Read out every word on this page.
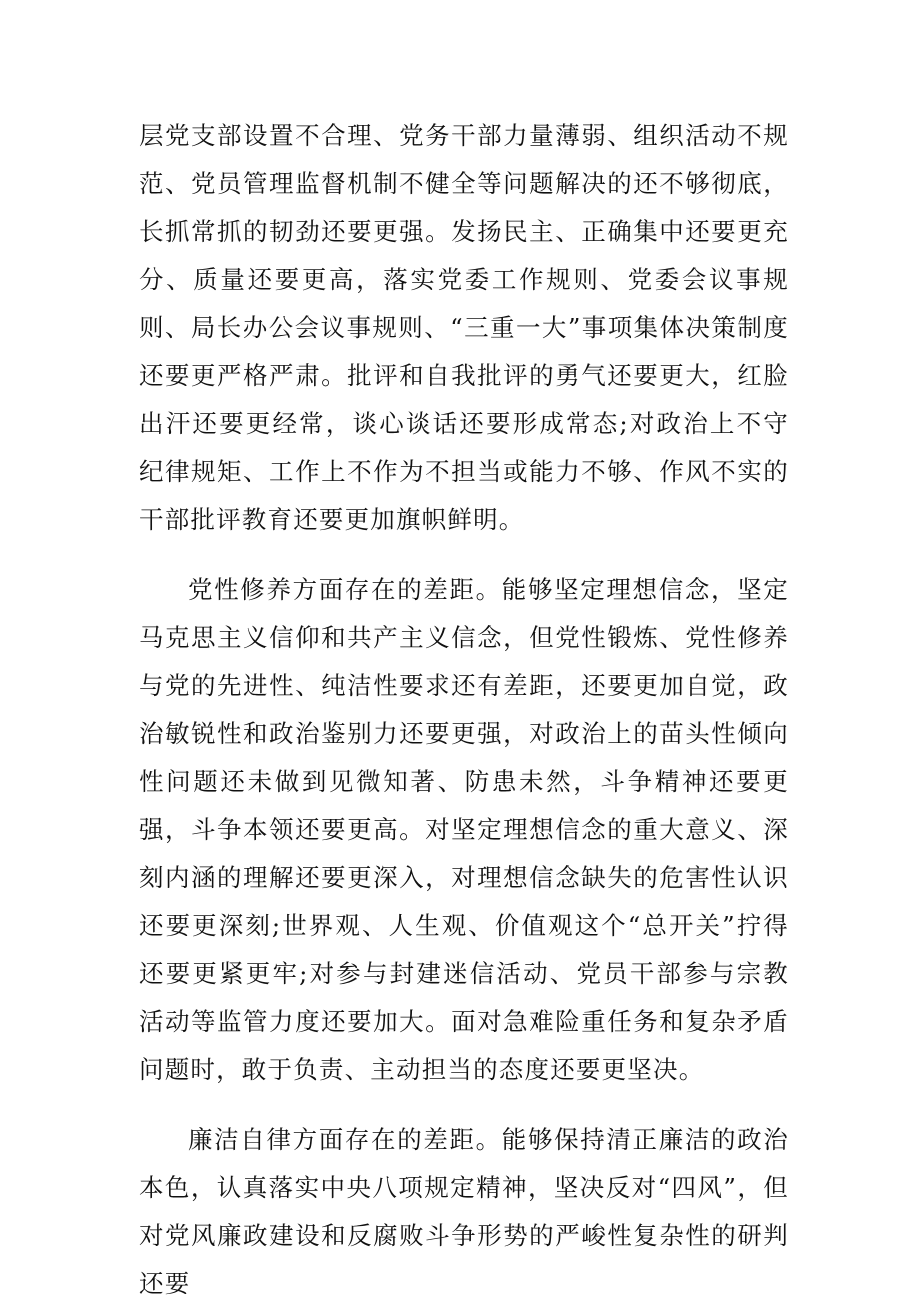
层党支部设置不合理、党务干部力量薄弱、组织活动不规范、党员管理监督机制不健全等问题解决的还不够彻底，长抓常抓的韧劲还要更强。发扬民主、正确集中还要更充分、质量还要更高，落实党委工作规则、党委会议事规则、局长办公会议事规则、“三重一大”事项集体决策制度还要更严格严肃。批评和自我批评的勇气还要更大，红脸出汗还要更经常，谈心谈话还要形成常态;对政治上不守纪律规矩、工作上不作为不担当或能力不够、作风不实的干部批评教育还要更加旗帜鲜明。

党性修养方面存在的差距。能够坚定理想信念，坚定马克思主义信仰和共产主义信念，但党性锻炼、党性修养与党的先进性、纯洁性要求还有差距，还要更加自觉，政治敏锐性和政治鉴别力还要更强，对政治上的苗头性倾向性问题还未做到见微知著、防患未然，斗争精神还要更强，斗争本领还要更高。对坚定理想信念的重大意义、深刻内涵的理解还要更深入，对理想信念缺失的危害性认识还要更深刻;世界观、人生观、价值观这个“总开关”拧得还要更紧更牢;对参与封建迷信活动、党员干部参与宗教活动等监管力度还要加大。面对急难险重任务和复杂矛盾问题时，敢于负责、主动担当的态度还要更坚决。

廉洁自律方面存在的差距。能够保持清正廉洁的政治本色，认真落实中央八项规定精神，坚决反对“四风”，但对党风廉政建设和反腐败斗争形势的严峻性复杂性的研判还要
